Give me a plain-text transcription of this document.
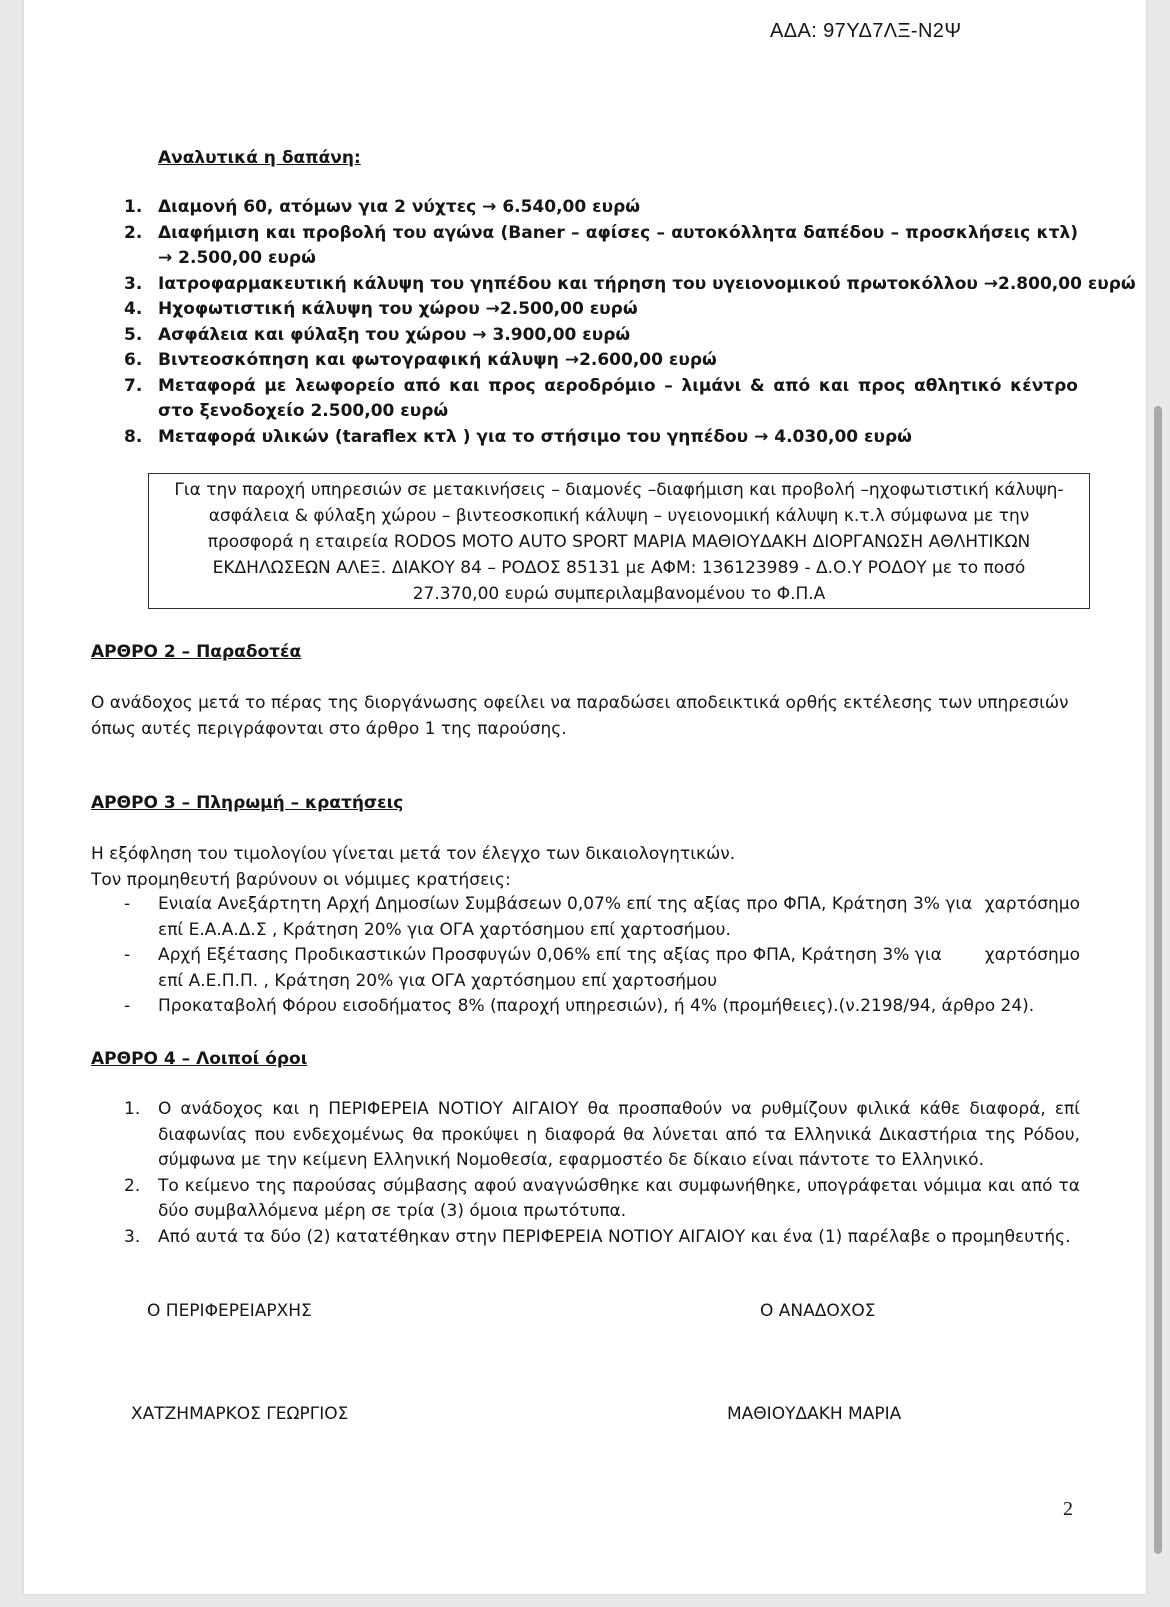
ΑΔΑ: 97ΥΔ7ΛΞ-Ν2Ψ
Αναλυτικά η δαπάνη:
1. Διαμονή 60, ατόμων για 2 νύχτες → 6.540,00 ευρώ
2. Διαφήμιση και προβολή του αγώνα (Baner – αφίσες – αυτοκόλλητα δαπέδου – προσκλήσεις κτλ) → 2.500,00 ευρώ
3. Ιατροφαρμακευτική κάλυψη του γηπέδου και τήρηση του υγειονομικού πρωτοκόλλου →2.800,00 ευρώ
4. Ηχοφωτιστική κάλυψη του χώρου →2.500,00 ευρώ
5. Ασφάλεια και φύλαξη του χώρου → 3.900,00 ευρώ
6. Βιντεοσκόπηση και φωτογραφική κάλυψη →2.600,00 ευρώ
7. Μεταφορά με λεωφορείο από και προς αεροδρόμιο – λιμάνι & από και προς αθλητικό κέντρο στο ξενοδοχείο 2.500,00 ευρώ
8. Μεταφορά υλικών (taraflex κτλ ) για το στήσιμο του γηπέδου → 4.030,00 ευρώ
Για την παροχή υπηρεσιών σε μετακινήσεις – διαμονές –διαφήμιση και προβολή –ηχοφωτιστική κάλυψη-
ασφάλεια & φύλαξη χώρου – βιντεοσκοπική κάλυψη – υγειονομική κάλυψη κ.τ.λ σύμφωνα με την
προσφορά η εταιρεία RODOS MOTO AUTO SPORT ΜΑΡΙΑ ΜΑΘΙΟΥΔΑΚΗ ΔΙΟΡΓΑΝΩΣΗ ΑΘΛΗΤΙΚΩΝ
ΕΚΔΗΛΩΣΕΩΝ ΑΛΕΞ. ΔΙΑΚΟΥ 84 – ΡΟΔΟΣ 85131 με ΑΦΜ: 136123989 - Δ.Ο.Υ ΡΟΔΟΥ με το ποσό
27.370,00 ευρώ συμπεριλαμβανομένου το Φ.Π.Α
ΑΡΘΡΟ 2 – Παραδοτέα
Ο ανάδοχος μετά το πέρας της διοργάνωσης οφείλει να παραδώσει αποδεικτικά ορθής εκτέλεσης των υπηρεσιών
όπως αυτές περιγράφονται στο άρθρο 1 της παρούσης.
ΑΡΘΡΟ 3 – Πληρωμή – κρατήσεις
Η εξόφληση του τιμολογίου γίνεται μετά τον έλεγχο των δικαιολογητικών.
Τον προμηθευτή βαρύνουν οι νόμιμες κρατήσεις:
- Ενιαία Ανεξάρτητη Αρχή Δημοσίων Συμβάσεων 0,07% επί της αξίας προ ΦΠΑ, Κράτηση 3% για χαρτόσημο
επί Ε.Α.Α.Δ.Σ , Κράτηση 20% για ΟΓΑ χαρτόσημου επί χαρτοσήμου.
- Αρχή Εξέτασης Προδικαστικών Προσφυγών 0,06% επί της αξίας προ ΦΠΑ, Κράτηση 3% για	χαρτόσημο
επί Α.Ε.Π.Π. , Κράτηση 20% για ΟΓΑ χαρτόσημου επί χαρτοσήμου
- Προκαταβολή Φόρου εισοδήματος 8% (παροχή υπηρεσιών), ή 4% (προμήθειες).(ν.2198/94, άρθρο 24).
ΑΡΘΡΟ 4 – Λοιποί όροι
1. Ο ανάδοχος και η ΠΕΡΙΦΕΡΕΙΑ ΝΟΤΙΟΥ ΑΙΓΑΙΟΥ θα προσπαθούν να ρυθμίζουν φιλικά κάθε διαφορά, επί διαφωνίας που ενδεχομένως θα προκύψει η διαφορά θα λύνεται από τα Ελληνικά Δικαστήρια της Ρόδου, σύμφωνα με την κείμενη Ελληνική Νομοθεσία, εφαρμοστέο δε δίκαιο είναι πάντοτε το Ελληνικό.
2. Το κείμενο της παρούσας σύμβασης αφού αναγνώσθηκε και συμφωνήθηκε, υπογράφεται νόμιμα και από τα δύο συμβαλλόμενα μέρη σε τρία (3) όμοια πρωτότυπα.
3. Από αυτά τα δύο (2) κατατέθηκαν στην ΠΕΡΙΦΕΡΕΙΑ ΝΟΤΙΟΥ ΑΙΓΑΙΟΥ και ένα (1) παρέλαβε ο προμηθευτής.
Ο ΠΕΡΙΦΕΡΕΙΑΡΧΗΣ	Ο ΑΝΑΔΟΧΟΣ
ΧΑΤΖΗΜΑΡΚΟΣ ΓΕΩΡΓΙΟΣ	ΜΑΘΙΟΥΔΑΚΗ ΜΑΡΙΑ
2
